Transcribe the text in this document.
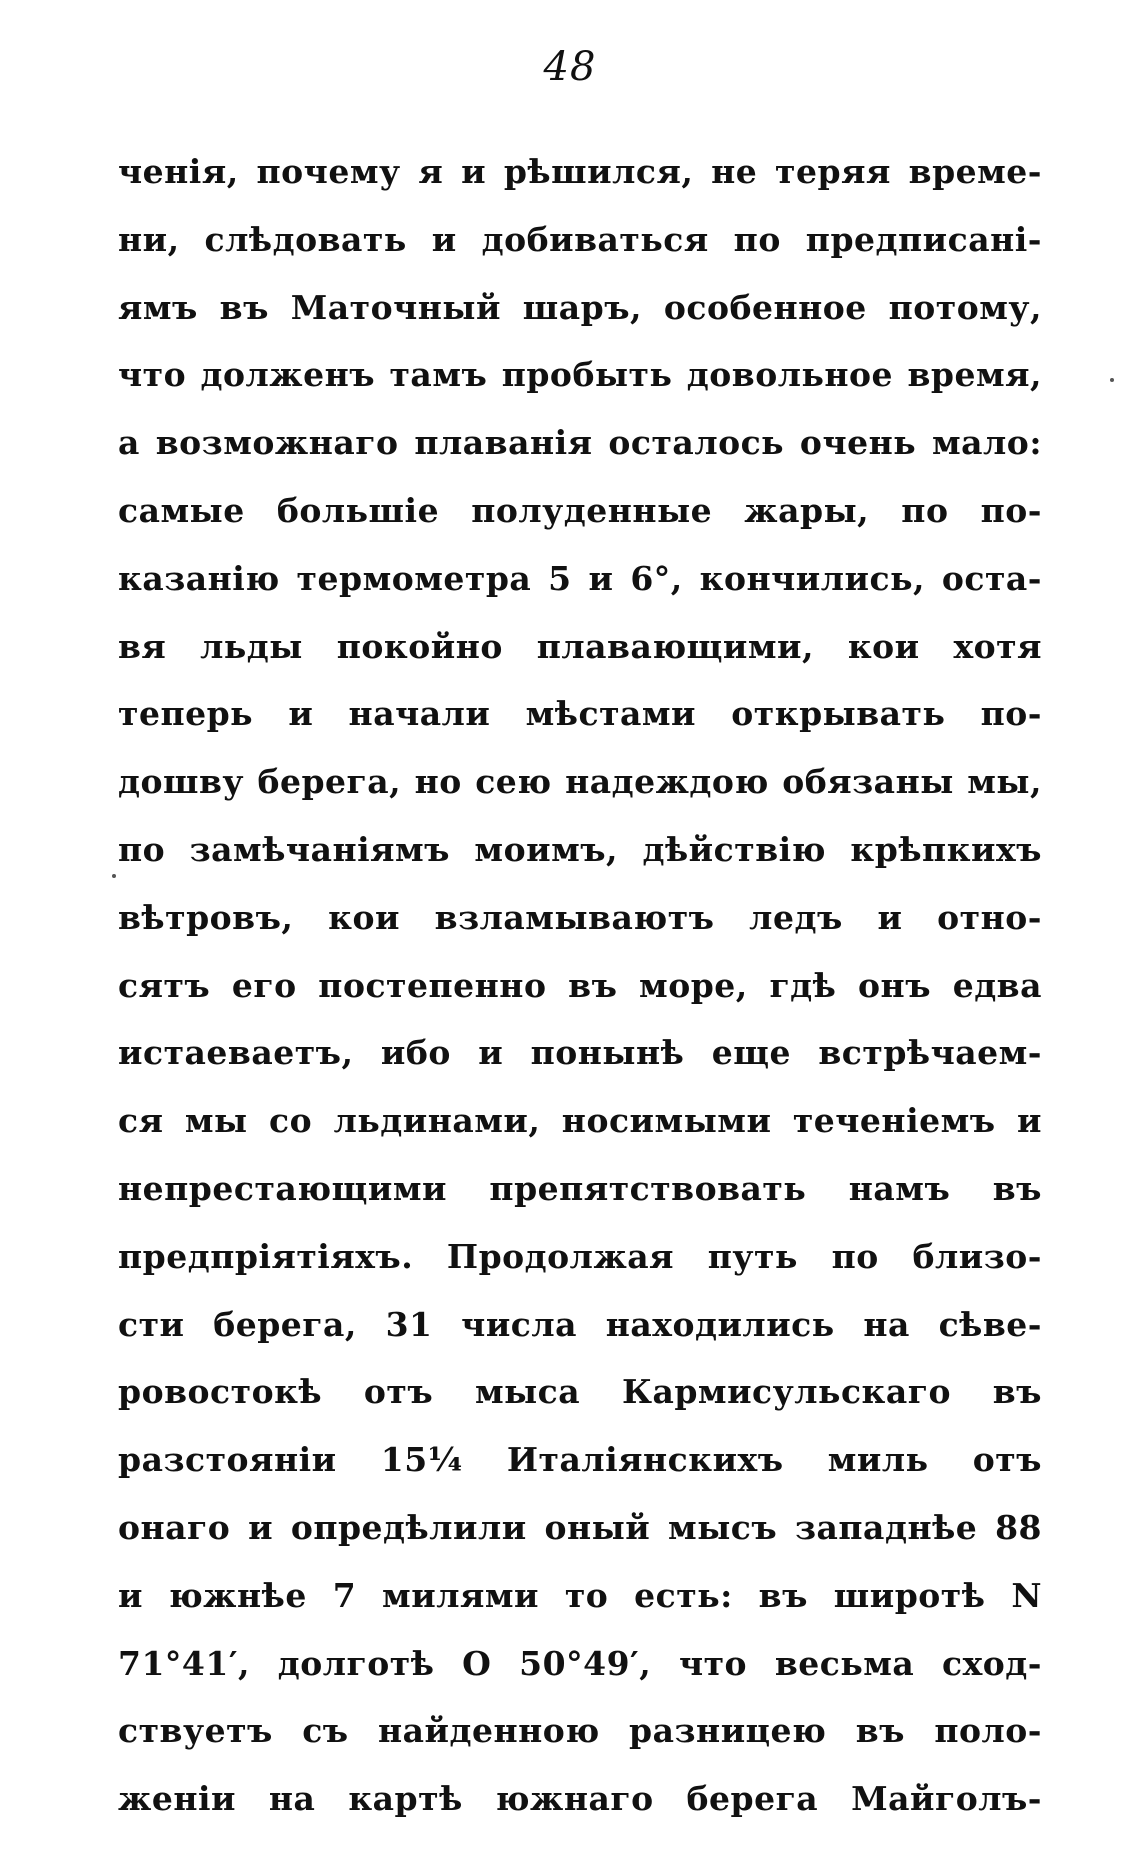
48
ченія, почему я и рѣшился, не теряя време-
ни, слѣдовать и добиваться по предписані-
ямъ въ Маточный шаръ, особенное потому,
что долженъ тамъ пробыть довольное время,
а возможнаго плаванія осталось очень мало:
самые большіе полуденные жары, по по-
казанію термометра 5 и 6°, кончились, оста-
вя льды покойно плавающими, кои хотя
теперь и начали мѣстами открывать по-
дошву берега, но сею надеждою обязаны мы,
по замѣчаніямъ моимъ, дѣйствію крѣпкихъ
вѣтровъ, кои взламываютъ ледъ и отно-
сятъ его постепенно въ море, гдѣ онъ едва
истаеваетъ, ибо и понынѣ еще встрѣчаем-
ся мы со льдинами, носимыми теченіемъ и
непрестающими препятствовать намъ въ
предпріятіяхъ. Продолжая путь по близо-
сти берега, 31 числа находились на сѣве-
ровостокѣ отъ мыса Кармисульскаго въ
разстояніи 15¼ Италіянскихъ миль отъ
онаго и опредѣлили оный мысъ западнѣе 88
и южнѣе 7 милями то есть: въ широтѣ N
71°41′, долготѣ O 50°49′, что весьма сход-
ствуетъ съ найденною разницею въ поло-
женіи на картѣ южнаго берега Майголъ-
